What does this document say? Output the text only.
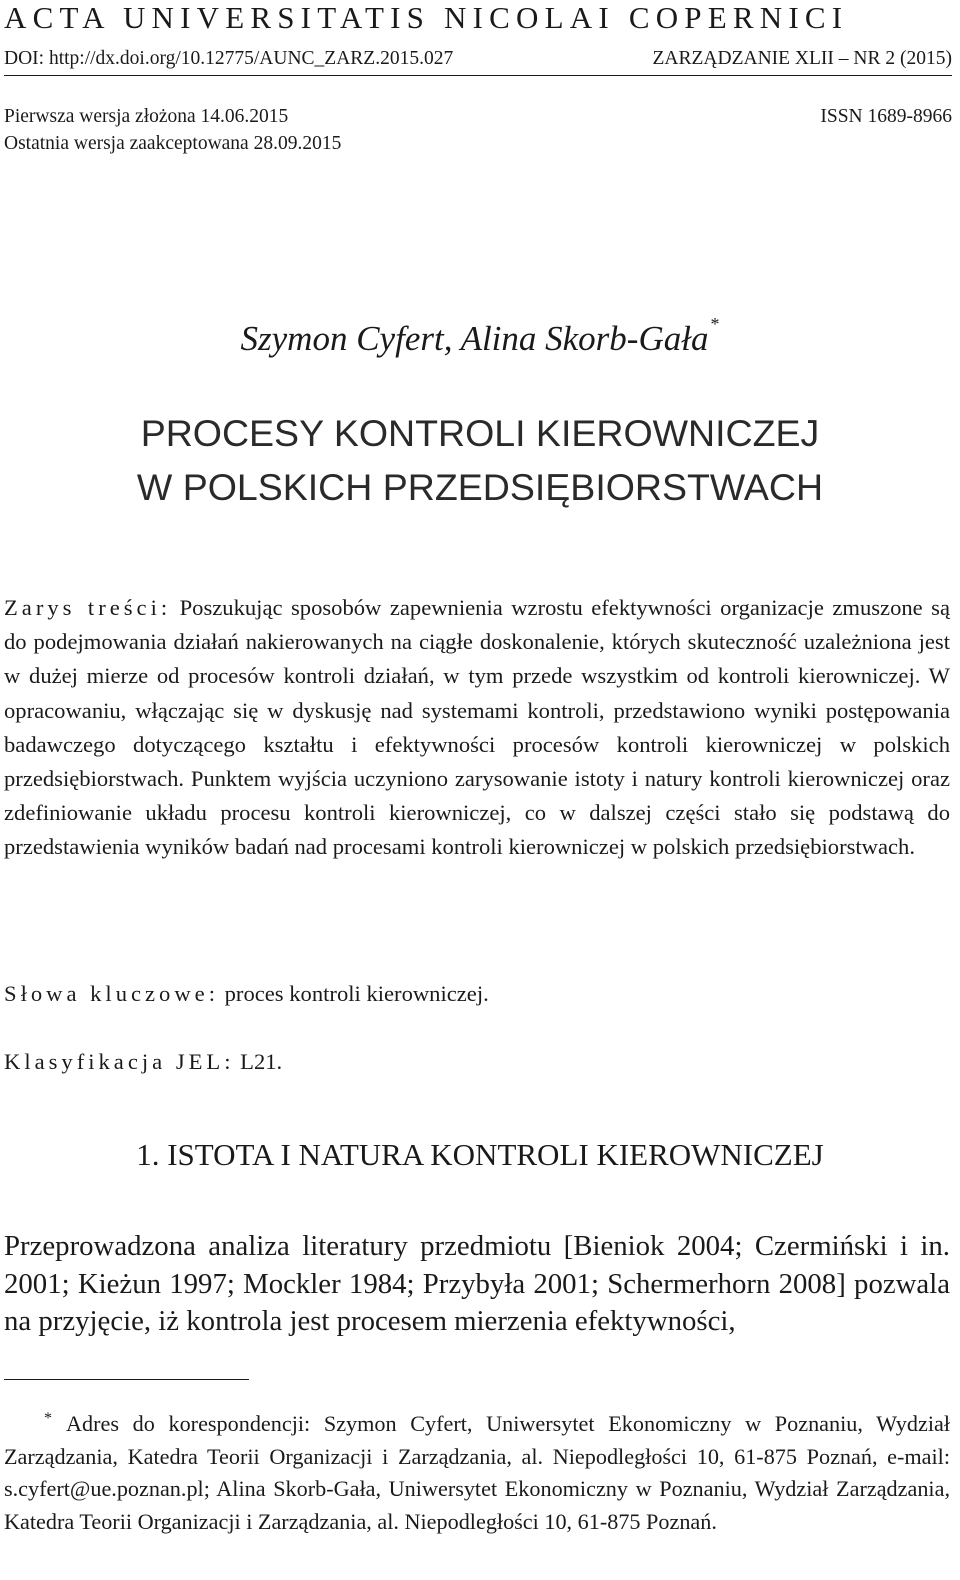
ACTA UNIVERSITATIS NICOLAI COPERNICI
DOI: http://dx.doi.org/10.12775/AUNC_ZARZ.2015.027	ZARZĄDZANIE XLII – NR 2 (2015)
Pierwsza wersja złożona 14.06.2015	ISSN 1689-8966
Ostatnia wersja zaakceptowana 28.09.2015
Szymon Cyfert, Alina Skorb-Gała *
PROCESY KONTROLI KIEROWNICZEJ
W POLSKICH PRZEDSIĘBIORSTWACH
Zarys treści: Poszukując sposobów zapewnienia wzrostu efektywności organizacje zmuszone są do podejmowania działań nakierowanych na ciągłe doskonalenie, których skuteczność uzależniona jest w dużej mierze od procesów kontroli działań, w tym przede wszystkim od kontroli kierowniczej. W opracowaniu, włączając się w dyskusję nad systemami kontroli, przedstawiono wyniki postępowania badawczego dotyczącego kształtu i efektywności procesów kontroli kierowniczej w polskich przedsiębiorstwach. Punktem wyjścia uczyniono zarysowanie istoty i natury kontroli kierowniczej oraz zdefiniowanie układu procesu kontroli kierowniczej, co w dalszej części stało się podstawą do przedstawienia wyników badań nad procesami kontroli kierowniczej w polskich przedsiębiorstwach.
Słowa kluczowe: proces kontroli kierowniczej.
Klasyfikacja JEL: L21.
1. ISTOTA I NATURA KONTROLI KIEROWNICZEJ
Przeprowadzona analiza literatury przedmiotu [Bieniok 2004; Czermiński i in. 2001; Kieżun 1997; Mockler 1984; Przybyła 2001; Schermerhorn 2008] pozwala na przyjęcie, iż kontrola jest procesem mierzenia efektywności,
* Adres do korespondencji: Szymon Cyfert, Uniwersytet Ekonomiczny w Poznaniu, Wydział Zarządzania, Katedra Teorii Organizacji i Zarządzania, al. Niepodległości 10, 61-875 Poznań, e-mail: s.cyfert@ue.poznan.pl; Alina Skorb-Gała, Uniwersytet Ekonomiczny w Poznaniu, Wydział Zarządzania, Katedra Teorii Organizacji i Zarządzania, al. Niepodległości 10, 61-875 Poznań.
